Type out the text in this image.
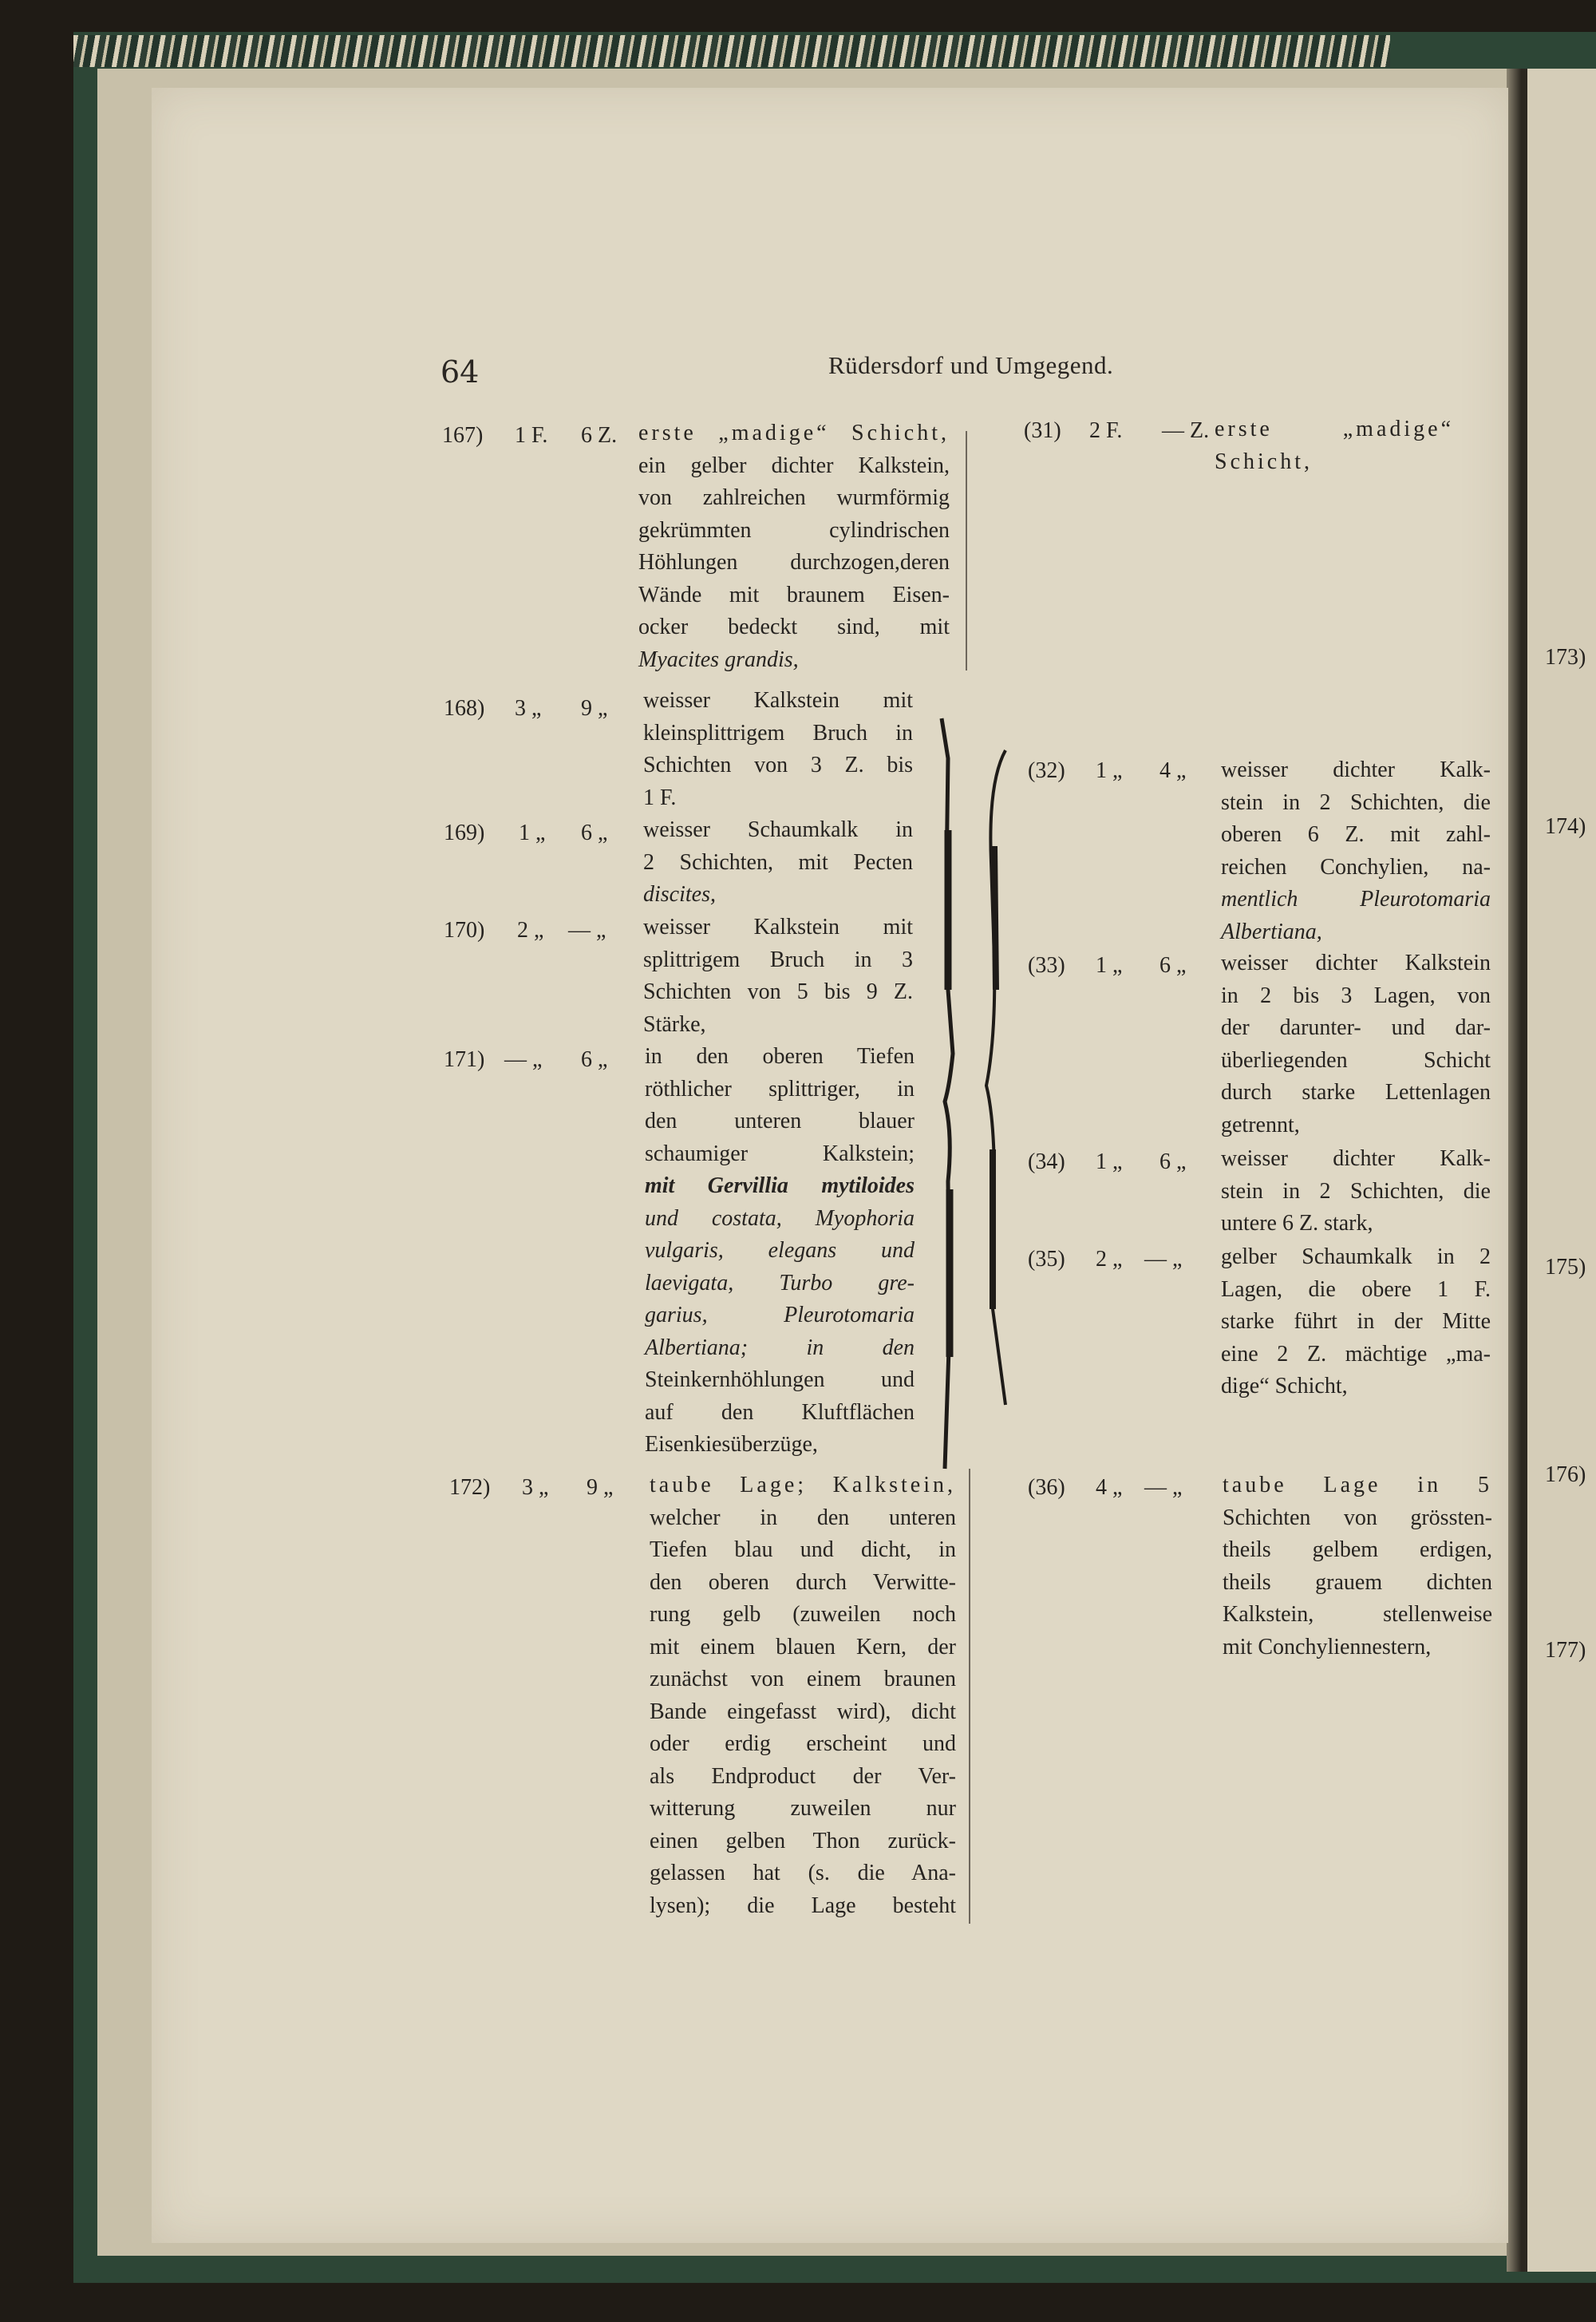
64	Rüdersdorf und Umgegend.
167) 1 F. 6 Z. erste „madige“ Schicht,
ein gelber dichter Kalkstein,
von zahlreichen wurmförmig
gekrümmten cylindrischen
Höhlungen durchzogen,deren
Wände mit braunem Eisen-
ocker bedeckt sind, mit
Myacites grandis,
168) 3 „ 9 „ weisser Kalkstein mit
kleinsplittrigem Bruch in
Schichten von 3 Z. bis
1 F.
169) 1 „ 6 „ weisser Schaumkalk in
2 Schichten, mit Pecten
discites,
170) 2 „ — „ weisser Kalkstein mit
splittrigem Bruch in 3
Schichten von 5 bis 9 Z.
Stärke,
171) — „ 6 „ in den oberen Tiefen
röthlicher splittriger, in
den unteren blauer
schaumiger Kalkstein;
mit Gervillia mytiloides
und costata, Myophoria
vulgaris, elegans und
laevigata, Turbo gre-
garius, Pleurotomaria
Albertiana; in den
Steinkernhöhlungen und
auf den Kluftflächen
Eisenkiesüberzüge,
172) 3 „ 9 „ taube Lage; Kalkstein,
welcher in den unteren
Tiefen blau und dicht, in
den oberen durch Verwitte-
rung gelb (zuweilen noch
mit einem blauen Kern, der
zunächst von einem braunen
Bande eingefasst wird), dicht
oder erdig erscheint und
als Endproduct der Ver-
witterung zuweilen nur
einen gelben Thon zurück-
gelassen hat (s. die Ana-
lysen); die Lage besteht
(31) 2 F. — Z. erste „madige“
Schicht,
(32) 1 „ 4 „ weisser dichter Kalk-
stein in 2 Schichten, die
oberen 6 Z. mit zahl-
reichen Conchylien, na-
mentlich Pleurotomaria
Albertiana,
(33) 1 „ 6 „ weisser dichter Kalkstein
in 2 bis 3 Lagen, von
der darunter- und dar-
überliegenden Schicht
durch starke Lettenlagen
getrennt,
(34) 1 „ 6 „ weisser dichter Kalk-
stein in 2 Schichten, die
untere 6 Z. stark,
(35) 2 „ — „ gelber Schaumkalk in 2
Lagen, die obere 1 F.
starke führt in der Mitte
eine 2 Z. mächtige „ma-
dige“ Schicht,
(36) 4 „ — „ taube Lage in 5
Schichten von grössten-
theils gelbem erdigen,
theils grauem dichten
Kalkstein, stellenweise
mit Conchyliennestern,
173)
174)
175)
176)
177)
